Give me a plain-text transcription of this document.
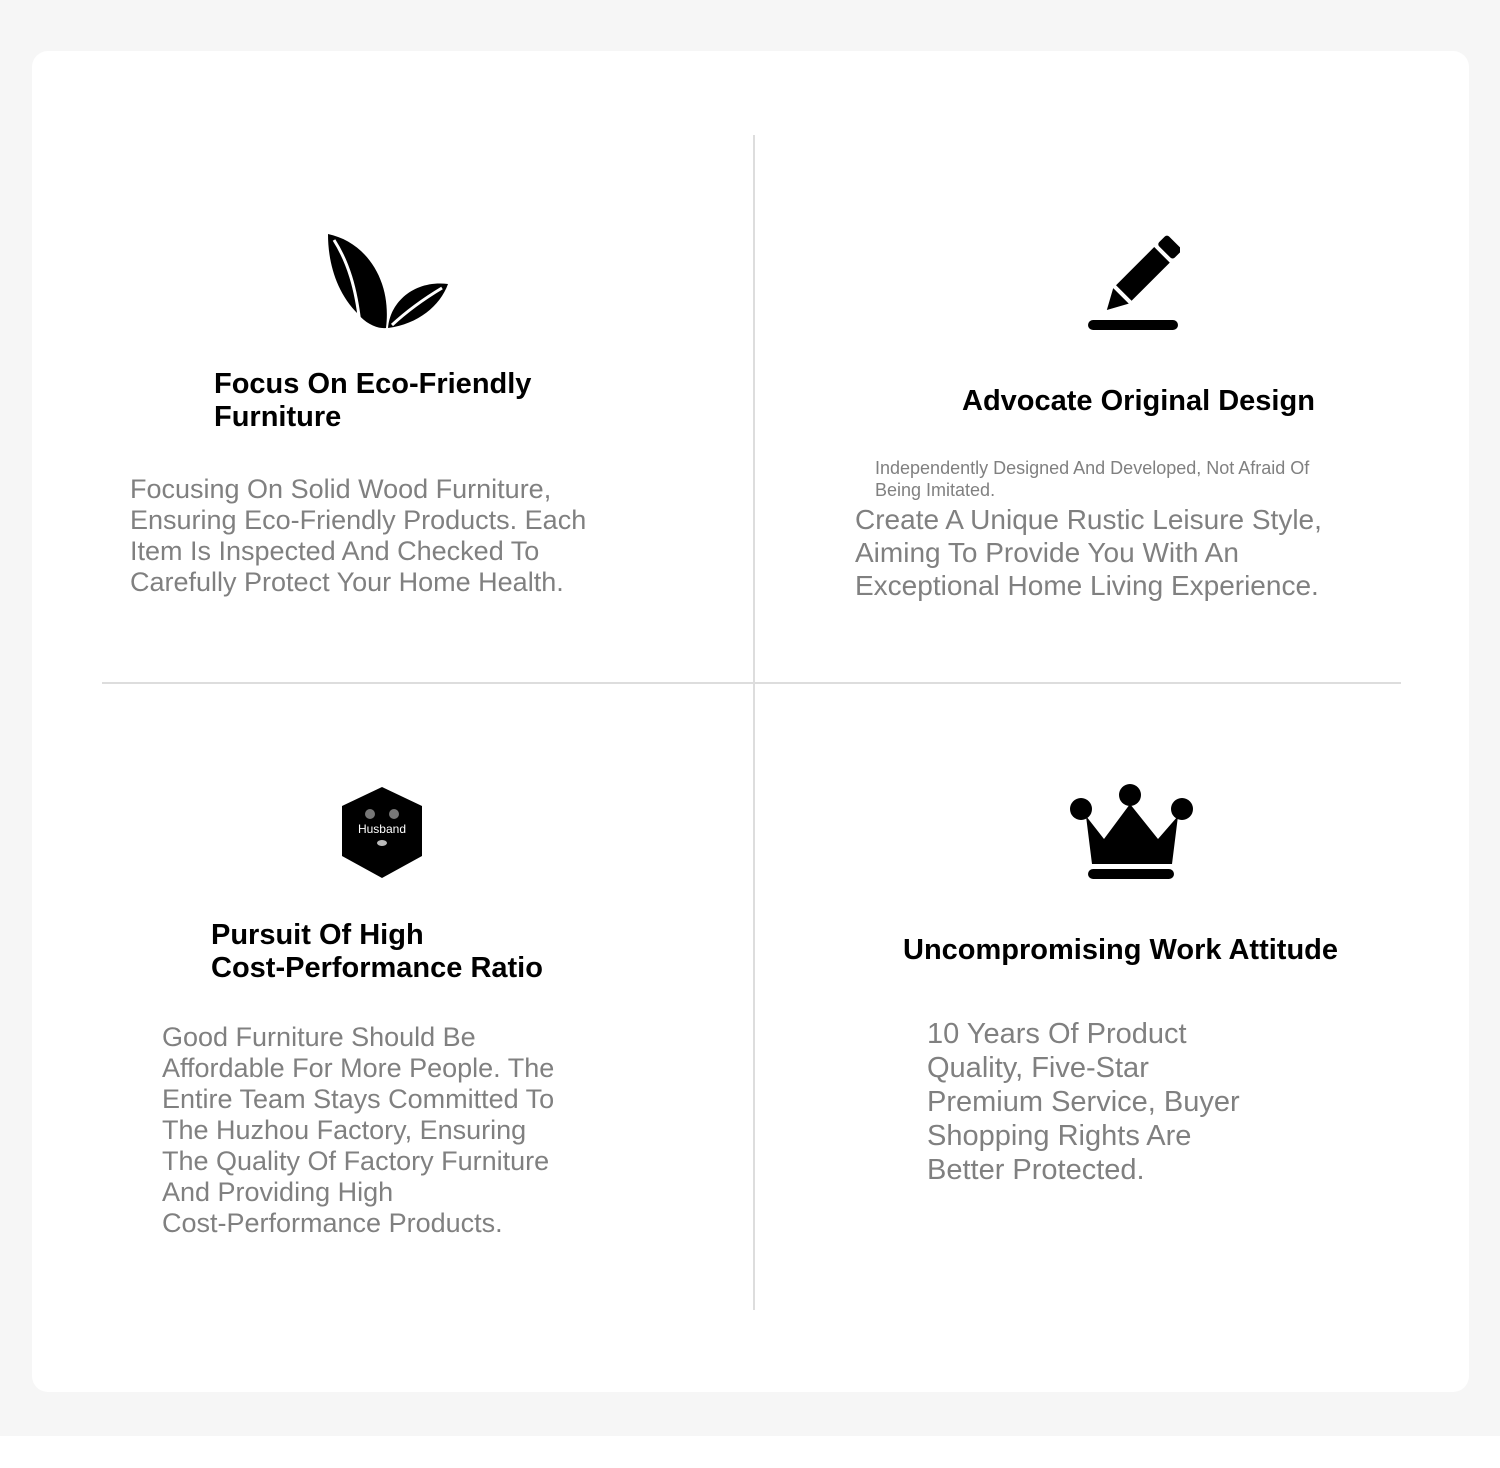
Focus On Eco-Friendly
Furniture

Focusing On Solid Wood Furniture,
Ensuring Eco-Friendly Products. Each
Item Is Inspected And Checked To
Carefully Protect Your Home Health.

Advocate Original Design

Independently Designed And Developed, Not Afraid Of
Being Imitated.

Create A Unique Rustic Leisure Style,
Aiming To Provide You With An
Exceptional Home Living Experience.

Husband

Pursuit Of High
Cost-Performance Ratio

Good Furniture Should Be
Affordable For More People. The
Entire Team Stays Committed To
The Huzhou Factory, Ensuring
The Quality Of Factory Furniture
And Providing High
Cost-Performance Products.

Uncompromising Work Attitude

10 Years Of Product
Quality, Five-Star
Premium Service, Buyer
Shopping Rights Are
Better Protected.
